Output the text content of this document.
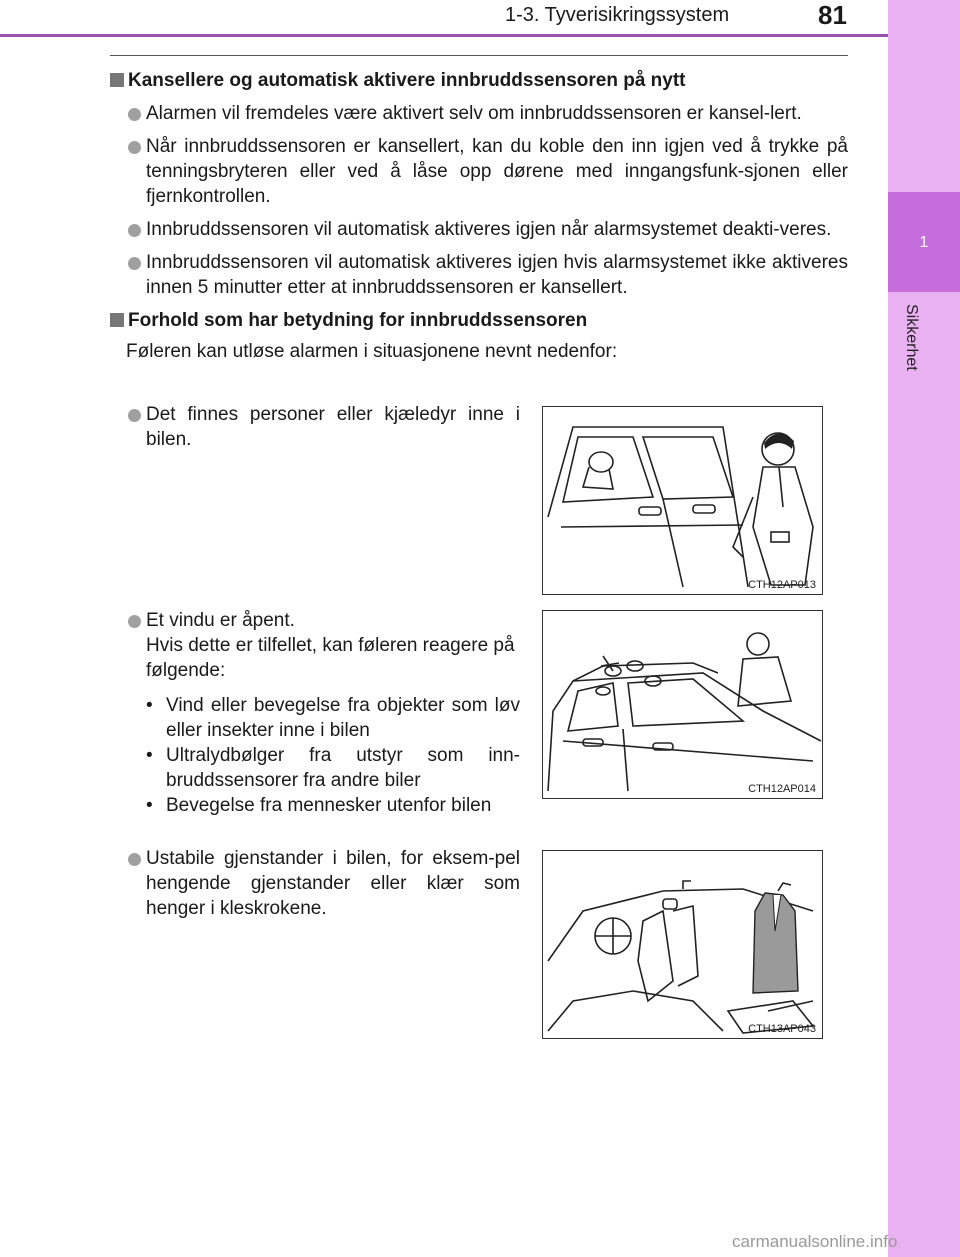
1-3. Tyverisikringssystem	81
1
Sikkerhet

Kansellere og automatisk aktivere innbruddssensoren på nytt

Alarmen vil fremdeles være aktivert selv om innbruddssensoren er kansel-lert.

Når innbruddssensoren er kansellert, kan du koble den inn igjen ved å trykke på tenningsbryteren eller ved å låse opp dørene med inngangsfunk-sjonen eller fjernkontrollen.

Innbruddssensoren vil automatisk aktiveres igjen når alarmsystemet deakti-veres.

Innbruddssensoren vil automatisk aktiveres igjen hvis alarmsystemet ikke aktiveres innen 5 minutter etter at innbruddssensoren er kansellert.

Forhold som har betydning for innbruddssensoren

Føleren kan utløse alarmen i situasjonene nevnt nedenfor:

Det finnes personer eller kjæledyr inne i bilen.

CTH12AP013

Et vindu er åpent.

Hvis dette er tilfellet, kan føleren reagere på følgende:

• Vind eller bevegelse fra objekter som løv eller insekter inne i bilen

• Ultralydbølger fra utstyr som inn-bruddssensorer fra andre biler

• Bevegelse fra mennesker utenfor bilen

CTH12AP014

Ustabile gjenstander i bilen, for eksem-pel hengende gjenstander eller klær som henger i kleskrokene.

CTH13AP043
carmanualsonline.info
